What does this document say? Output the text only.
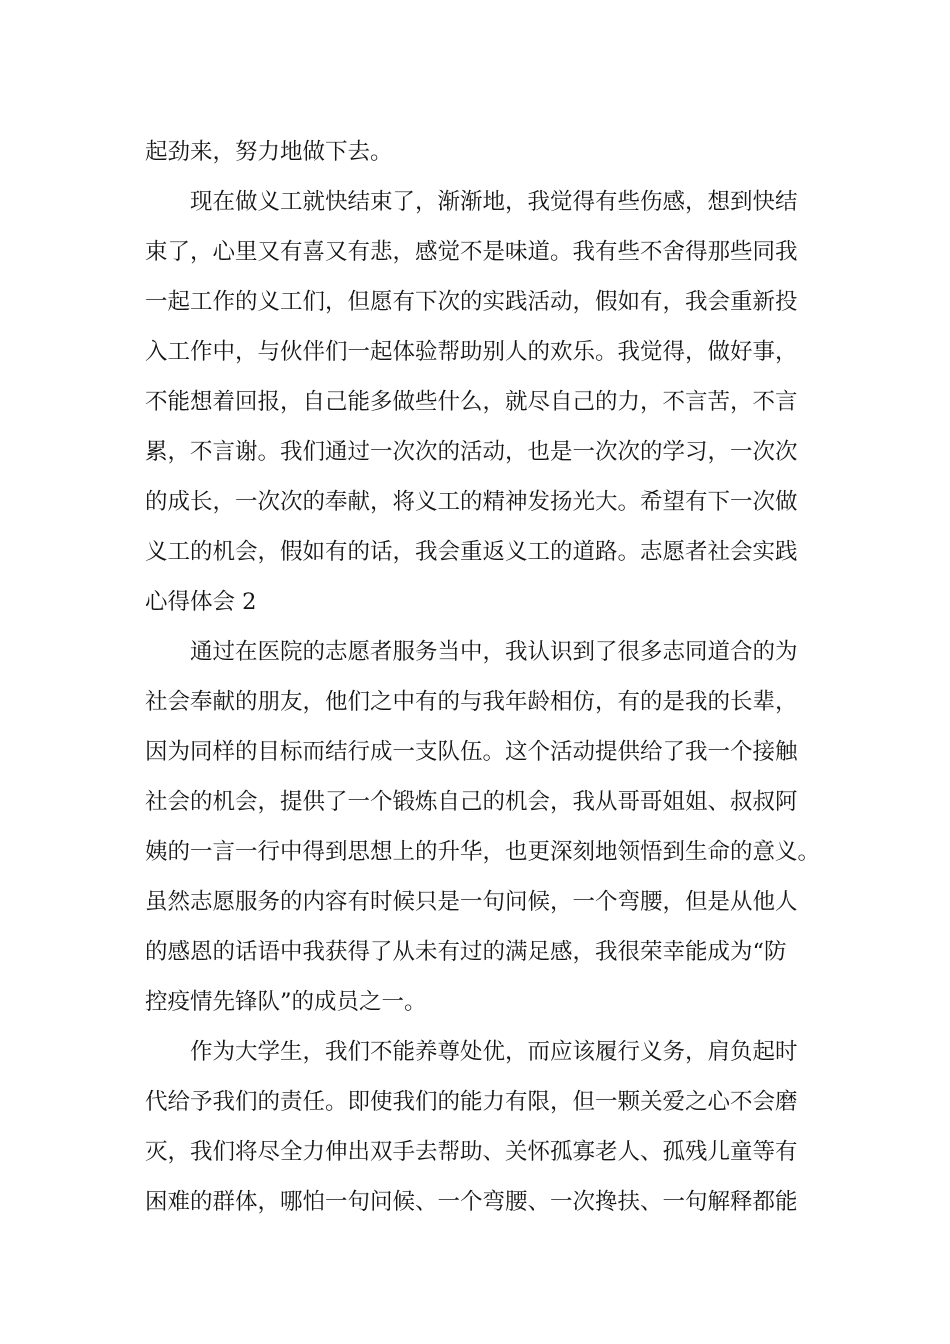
起劲来，努力地做下去。

现在做义工就快结束了，渐渐地，我觉得有些伤感，想到快结

束了，心里又有喜又有悲，感觉不是味道。我有些不舍得那些同我

一起工作的义工们，但愿有下次的实践活动，假如有，我会重新投

入工作中，与伙伴们一起体验帮助别人的欢乐。我觉得，做好事，

不能想着回报，自己能多做些什么，就尽自己的力，不言苦，不言

累，不言谢。我们通过一次次的活动，也是一次次的学习，一次次

的成长，一次次的奉献，将义工的精神发扬光大。希望有下一次做

义工的机会，假如有的话，我会重返义工的道路。志愿者社会实践

心得体会 2

通过在医院的志愿者服务当中，我认识到了很多志同道合的为

社会奉献的朋友，他们之中有的与我年龄相仿，有的是我的长辈，

因为同样的目标而结行成一支队伍。这个活动提供给了我一个接触

社会的机会，提供了一个锻炼自己的机会，我从哥哥姐姐、叔叔阿

姨的一言一行中得到思想上的升华，也更深刻地领悟到生命的意义。

虽然志愿服务的内容有时候只是一句问候，一个弯腰，但是从他人

的感恩的话语中我获得了从未有过的满足感，我很荣幸能成为“防

控疫情先锋队”的成员之一。

作为大学生，我们不能养尊处优，而应该履行义务，肩负起时

代给予我们的责任。即使我们的能力有限，但一颗关爱之心不会磨

灭，我们将尽全力伸出双手去帮助、关怀孤寡老人、孤残儿童等有

困难的群体，哪怕一句问候、一个弯腰、一次搀扶、一句解释都能
